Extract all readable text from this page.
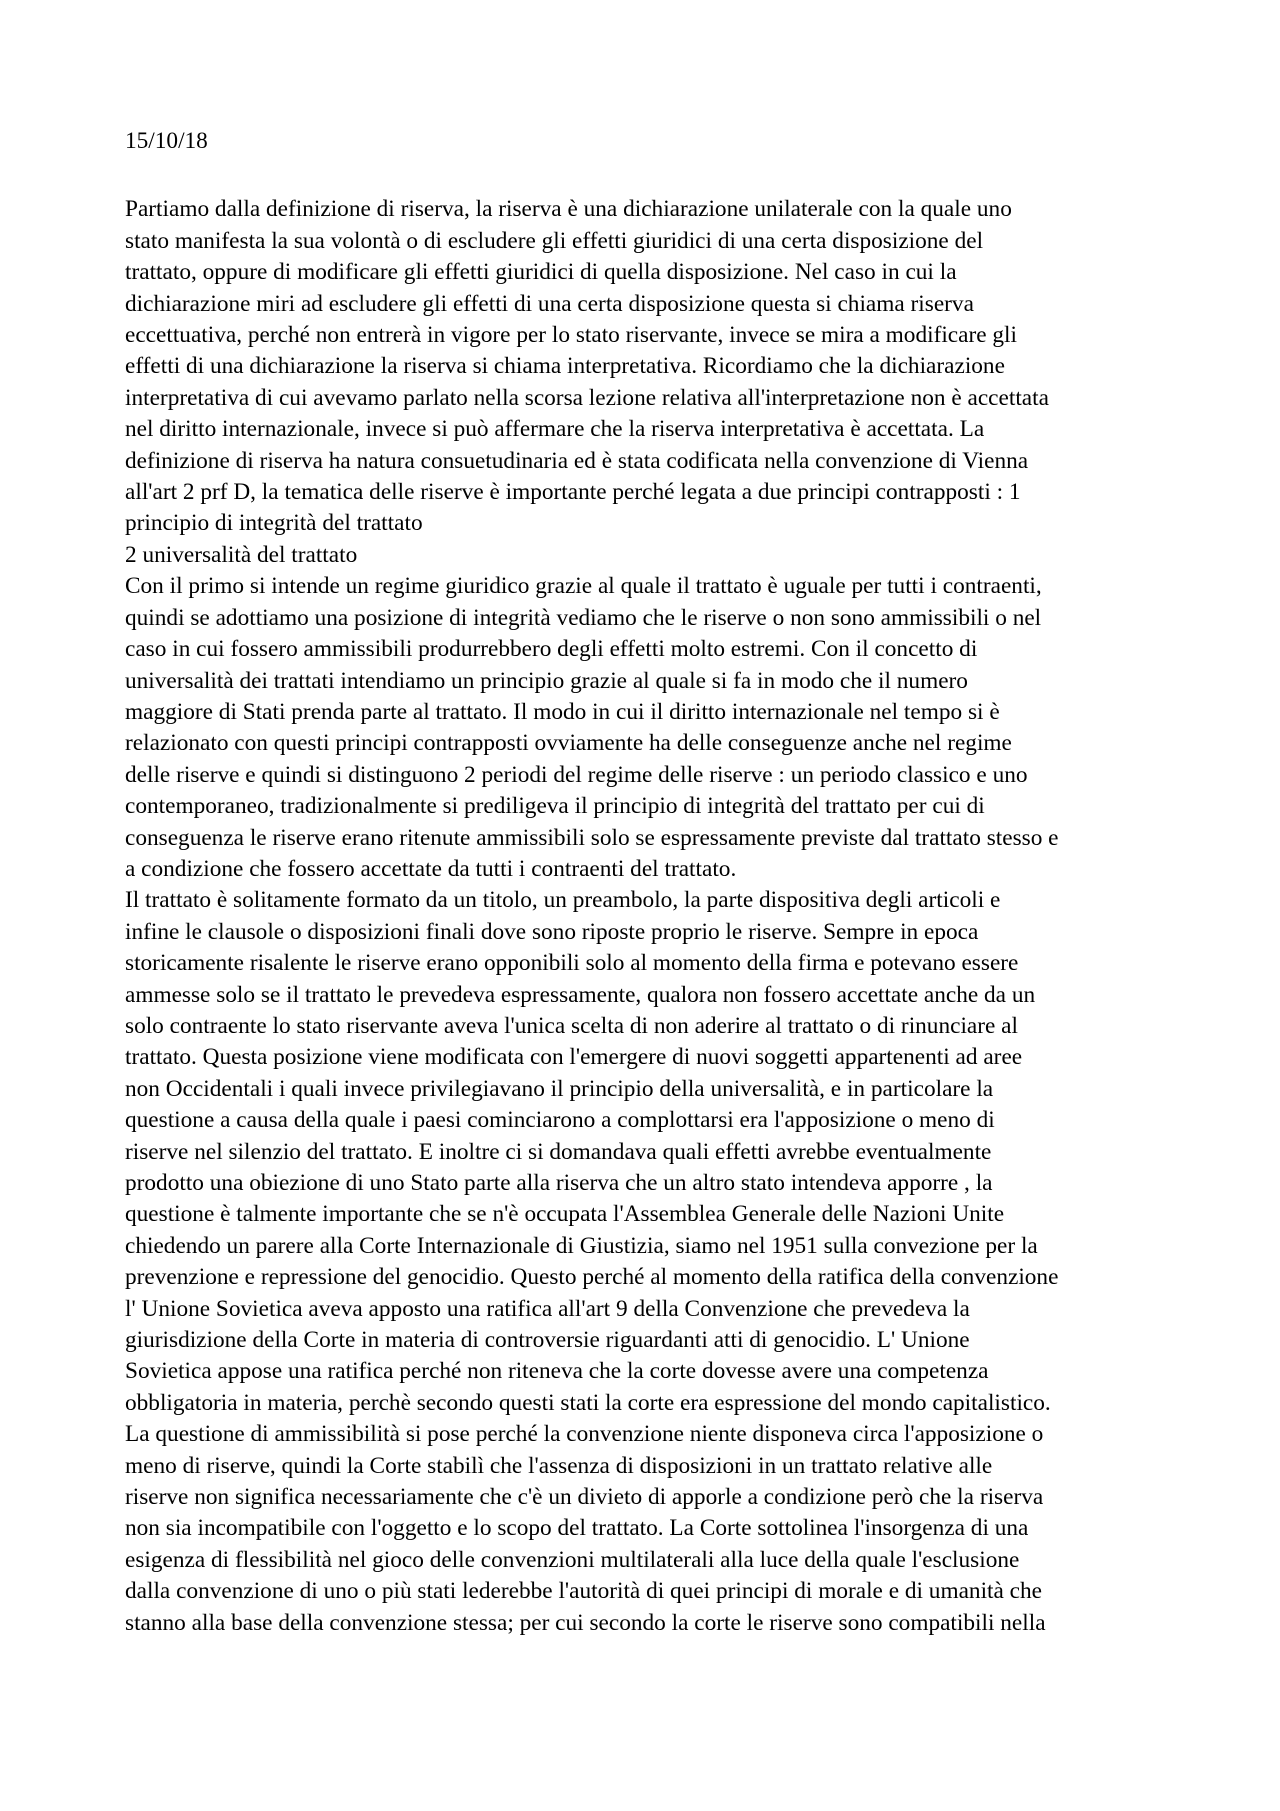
15/10/18

Partiamo dalla definizione di riserva, la riserva è una dichiarazione unilaterale con la quale uno
stato manifesta la sua volontà o di escludere gli effetti giuridici di una certa disposizione del
trattato, oppure di modificare gli effetti giuridici di quella disposizione. Nel caso in cui la
dichiarazione miri ad escludere gli effetti di una certa disposizione questa si chiama riserva
eccettuativa, perché non entrerà in vigore per lo stato riservante, invece se mira a modificare gli
effetti di una dichiarazione la riserva si chiama interpretativa. Ricordiamo che la dichiarazione
interpretativa di cui avevamo parlato nella scorsa lezione relativa all'interpretazione non è accettata
nel diritto internazionale, invece si può affermare che la riserva interpretativa è accettata. La
definizione di riserva ha natura consuetudinaria ed è stata codificata nella convenzione di Vienna
all'art 2 prf D, la tematica delle riserve è importante perché legata a due principi contrapposti : 1
principio di integrità del trattato

2 universalità del trattato

Con il primo si intende un regime giuridico grazie al quale il trattato è uguale per tutti i contraenti,
quindi se adottiamo una posizione di integrità vediamo che le riserve o non sono ammissibili o nel
caso in cui fossero ammissibili produrrebbero degli effetti molto estremi. Con il concetto di
universalità dei trattati intendiamo un principio grazie al quale si fa in modo che il numero
maggiore di Stati prenda parte al trattato. Il modo in cui il diritto internazionale nel tempo si è
relazionato con questi principi contrapposti ovviamente ha delle conseguenze anche nel regime
delle riserve e quindi si distinguono 2 periodi del regime delle riserve : un periodo classico e uno
contemporaneo, tradizionalmente si prediligeva il principio di integrità del trattato per cui di
conseguenza le riserve erano ritenute ammissibili solo se espressamente previste dal trattato stesso e
a condizione che fossero accettate da tutti i contraenti del trattato.

Il trattato è solitamente formato da un titolo, un preambolo, la parte dispositiva degli articoli e
infine le clausole o disposizioni finali dove sono riposte proprio le riserve. Sempre in epoca
storicamente risalente le riserve erano opponibili solo al momento della firma e potevano essere
ammesse solo se il trattato le prevedeva espressamente, qualora non fossero accettate anche da un
solo contraente lo stato riservante aveva l'unica scelta di non aderire al trattato o di rinunciare al
trattato. Questa posizione viene modificata con l'emergere di nuovi soggetti appartenenti ad aree
non Occidentali i quali invece privilegiavano il principio della universalità, e in particolare la
questione a causa della quale i paesi cominciarono a complottarsi era l'apposizione o meno di
riserve nel silenzio del trattato. E inoltre ci si domandava quali effetti avrebbe eventualmente
prodotto una obiezione di uno Stato parte alla riserva che un altro stato intendeva apporre , la
questione è talmente importante che se n'è occupata l'Assemblea Generale delle Nazioni Unite
chiedendo un parere alla Corte Internazionale di Giustizia, siamo nel 1951 sulla convezione per la
prevenzione e repressione del genocidio. Questo perché al momento della ratifica della convenzione
l' Unione Sovietica aveva apposto una ratifica all'art 9 della Convenzione che prevedeva la
giurisdizione della Corte in materia di controversie riguardanti atti di genocidio. L' Unione
Sovietica appose una ratifica perché non riteneva che la corte dovesse avere una competenza
obbligatoria in materia, perchè secondo questi stati la corte era espressione del mondo capitalistico.
La questione di ammissibilità si pose perché la convenzione niente disponeva circa l'apposizione o
meno di riserve, quindi la Corte stabilì che l'assenza di disposizioni in un trattato relative alle
riserve non significa necessariamente che c'è un divieto di apporle a condizione però che la riserva
non sia incompatibile con l'oggetto e lo scopo del trattato. La Corte sottolinea l'insorgenza di una
esigenza di flessibilità nel gioco delle convenzioni multilaterali alla luce della quale l'esclusione
dalla convenzione di uno o più stati lederebbe l'autorità di quei principi di morale e di umanità che
stanno alla base della convenzione stessa; per cui secondo la corte le riserve sono compatibili nella
